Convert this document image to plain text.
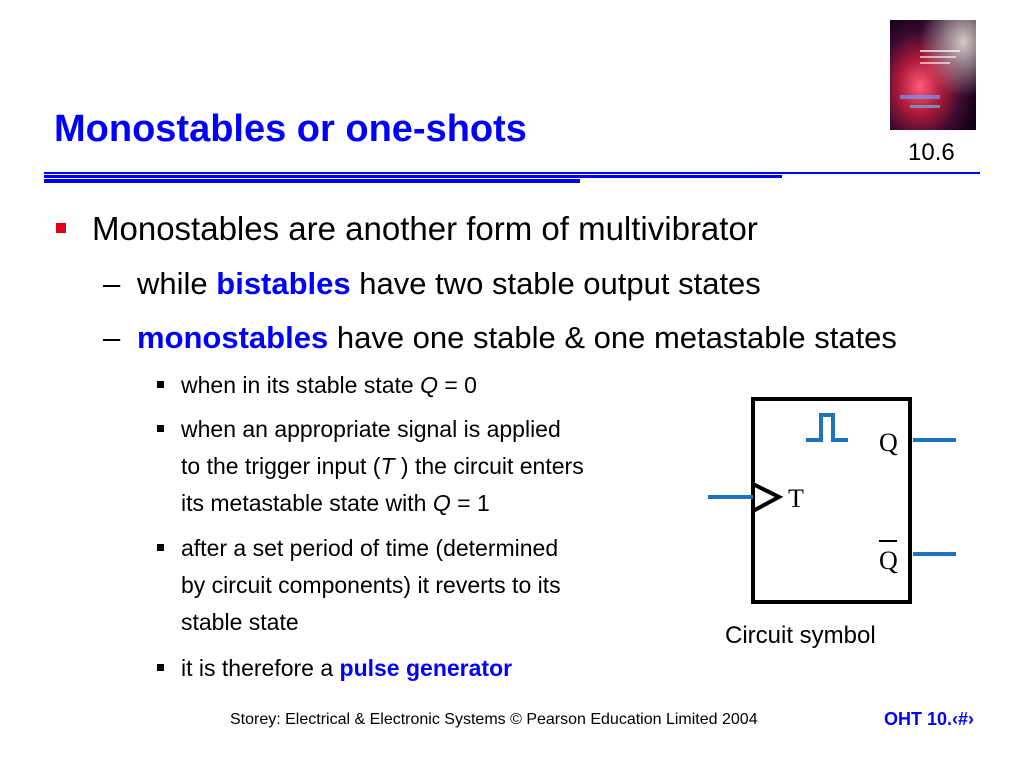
Monostables or one-shots
10.6
Monostables are another form of multivibrator
– while bistables have two stable output states
– monostables have one stable & one metastable states
when in its stable state Q = 0
when an appropriate signal is applied
to the trigger input (T ) the circuit enters
its metastable state with Q = 1
after a set period of time (determined
by circuit components) it reverts to its
stable state
it is therefore a pulse generator
Q
Q
T
Circuit symbol
Storey: Electrical & Electronic Systems © Pearson Education Limited 2004	OHT 10.‹#›
